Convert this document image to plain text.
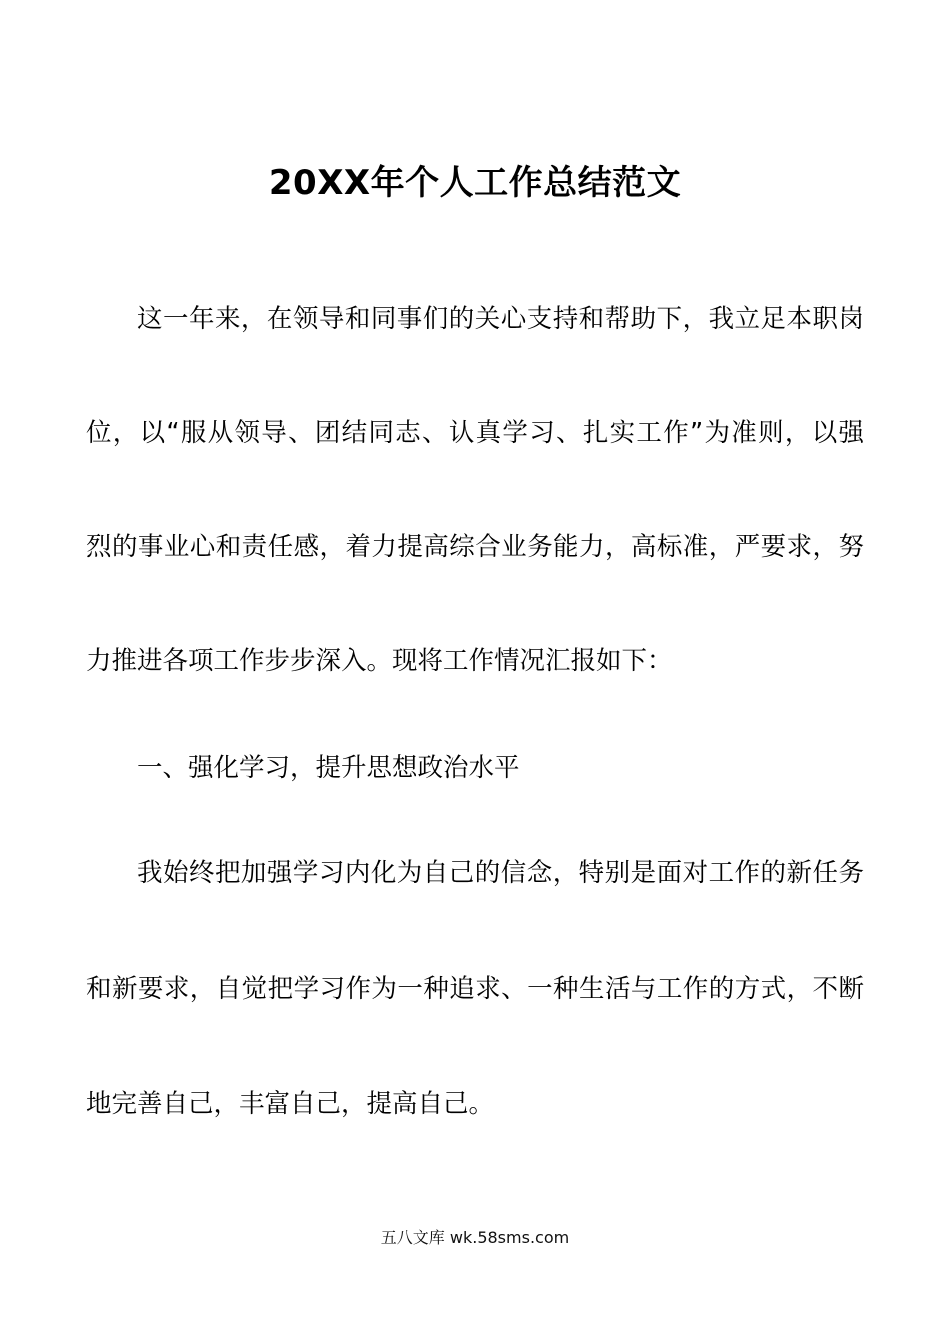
20XX年个人工作总结范文
这一年来，在领导和同事们的关心支持和帮助下，我立足本职岗
位，以“服从领导、团结同志、认真学习、扎实工作”为准则，以强
烈的事业心和责任感，着力提高综合业务能力，高标准，严要求，努
力推进各项工作步步深入。现将工作情况汇报如下：
一、强化学习，提升思想政治水平
我始终把加强学习内化为自己的信念，特别是面对工作的新任务
和新要求，自觉把学习作为一种追求、一种生活与工作的方式，不断
地完善自己，丰富自己，提高自己。
五八文库 wk.58sms.com
